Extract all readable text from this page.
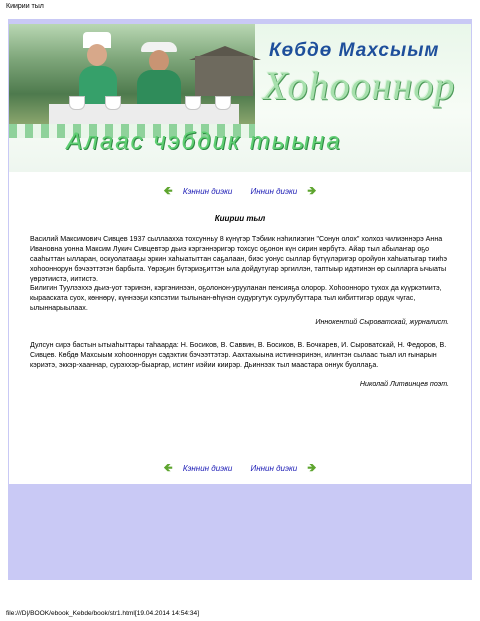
Киирии тыл
Көбдө Махсыым
Хоһооннор
Алаас чэбдик тыына
🡸 Кэннин диэки Иннин диэки 🡺
Киирии тыл

Василий Максимович Сивцев 1937 сыллаахха тохсунньу 8 күнүгэр Тэбиик нэһилиэгин "Сонун олох" холхоз чилиэннэрэ Анна Ивановна уонна Максим Лукич Сивцевтэр дьиэ кэргэннэригэр тохсус оҕонон күн сирин көрбүтэ. Айар тыл абылаҥар оҕо сааһыттан ылларан, оскуолатааҕы эркин хаһыатыттан саҕалаан, биэс уонус сыллар бүтүүлэригэр оройуон хаһыатыгар тииһэ хоһооннорун бэчээттэтэн барбыта. Үөрэҕин бүтэриэҕиттэн ыла дойдутугар эргиллэн, таптыыр идэтинэн өр сылларга ычыаты үөрэтиистэ, иитистэ.

Билигин Туулээххэ дьиэ-уот тэринэн, кэргэнинээн, оҕолонон-урууланан пенсияҕа олорор. Хоһоонноро тухох да күүркэтиитэ, кырааската суох, көннөрү, күннээҕи кэпсэтии тылынан-өһүнэн судургутук сурулубуттара тыл кибиттигэр ордук чугас, ылыннарыылаах.

Иннокентий Сыроватскай, журналист.

Дулсун сирэ бастын ытыаһыттары таһаарда: Н. Босиков, В. Саввин, В. Босиков, В. Бочкарев, И. Сыроватскай, Н. Федоров, В. Сивцев. Көбдө Махсыым хоһооннорун сэдэхтик бэчээттэтэр. Аахтахыына истиннэринэн, илинтэн сылаас тыал ил ғынарын кэриэтэ, эккэр-хааннар, сурэххэр-быарғар, истинг иэйии киирэр. Дьиннээх тыл маастара оннук буоллаҕа.

Николай Литвинцев поэт.
🡸 Кэннин диэки Иннин диэки 🡺
file:///D|/BOOK/ebook_Kebde/book/str1.html[19.04.2014 14:54:34]
